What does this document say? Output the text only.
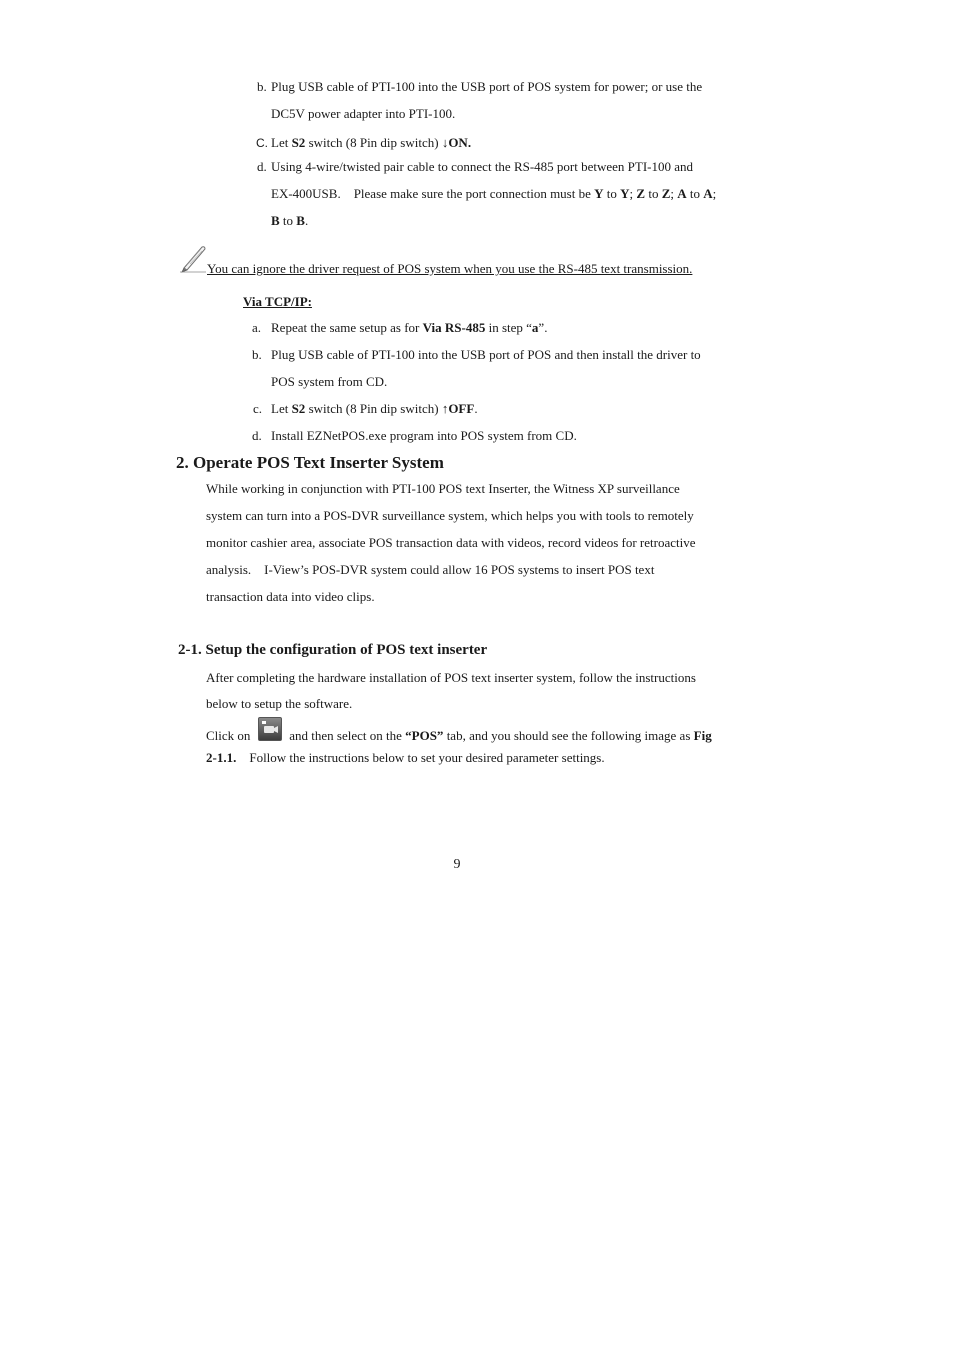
b. Plug USB cable of PTI-100 into the USB port of POS system for power; or use the
DC5V power adapter into PTI-100.
C. Let S2 switch (8 Pin dip switch) ↓ON.
d. Using 4-wire/twisted pair cable to connect the RS-485 port between PTI-100 and
EX-400USB.    Please make sure the port connection must be Y to Y; Z to Z; A to A;
B to B.
You can ignore the driver request of POS system when you use the RS-485 text transmission.
Via TCP/IP:
a. Repeat the same setup as for Via RS-485 in step “a”.
b. Plug USB cable of PTI-100 into the USB port of POS and then install the driver to
POS system from CD.
c. Let S2 switch (8 Pin dip switch) ↑OFF.
d. Install EZNetPOS.exe program into POS system from CD.
2. Operate POS Text Inserter System
While working in conjunction with PTI-100 POS text Inserter, the Witness XP surveillance
system can turn into a POS-DVR surveillance system, which helps you with tools to remotely
monitor cashier area, associate POS transaction data with videos, record videos for retroactive
analysis.    I-View’s POS-DVR system could allow 16 POS systems to insert POS text
transaction data into video clips.
2-1. Setup the configuration of POS text inserter
After completing the hardware installation of POS text inserter system, follow the instructions
below to setup the software.
Click on	and then select on the “POS” tab, and you should see the following image as Fig
2-1.1.    Follow the instructions below to set your desired parameter settings.
9
